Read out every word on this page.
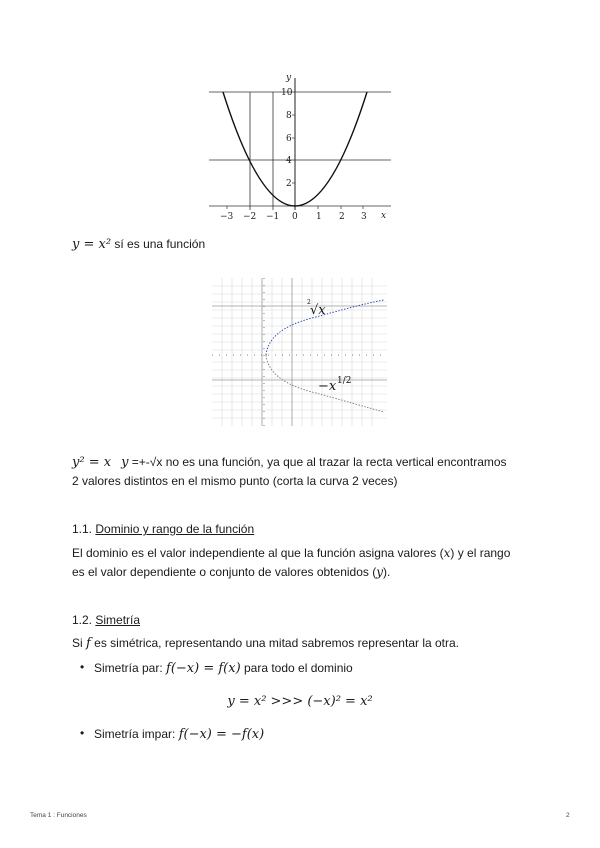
y
10
8
6
4
2
−3 −2 −1 0 1 2 3 x
y = x² sí es una función
2
√x
−x 1/2
y² = x y =+-√x no es una función, ya que al trazar la recta vertical encontramos
2 valores distintos en el mismo punto (corta la curva 2 veces)
1.1. Dominio y rango de la función
El dominio es el valor independiente al que la función asigna valores (x) y el rango
es el valor dependiente o conjunto de valores obtenidos (y).
1.2. Simetría
Si f es simétrica, representando una mitad sabremos representar la otra.
• Simetría par: f(−x) = f(x) para todo el dominio
y = x² >>> (−x)² = x²
• Simetría impar: f(−x) = −f(x)
Tema 1 : Funciones	2
